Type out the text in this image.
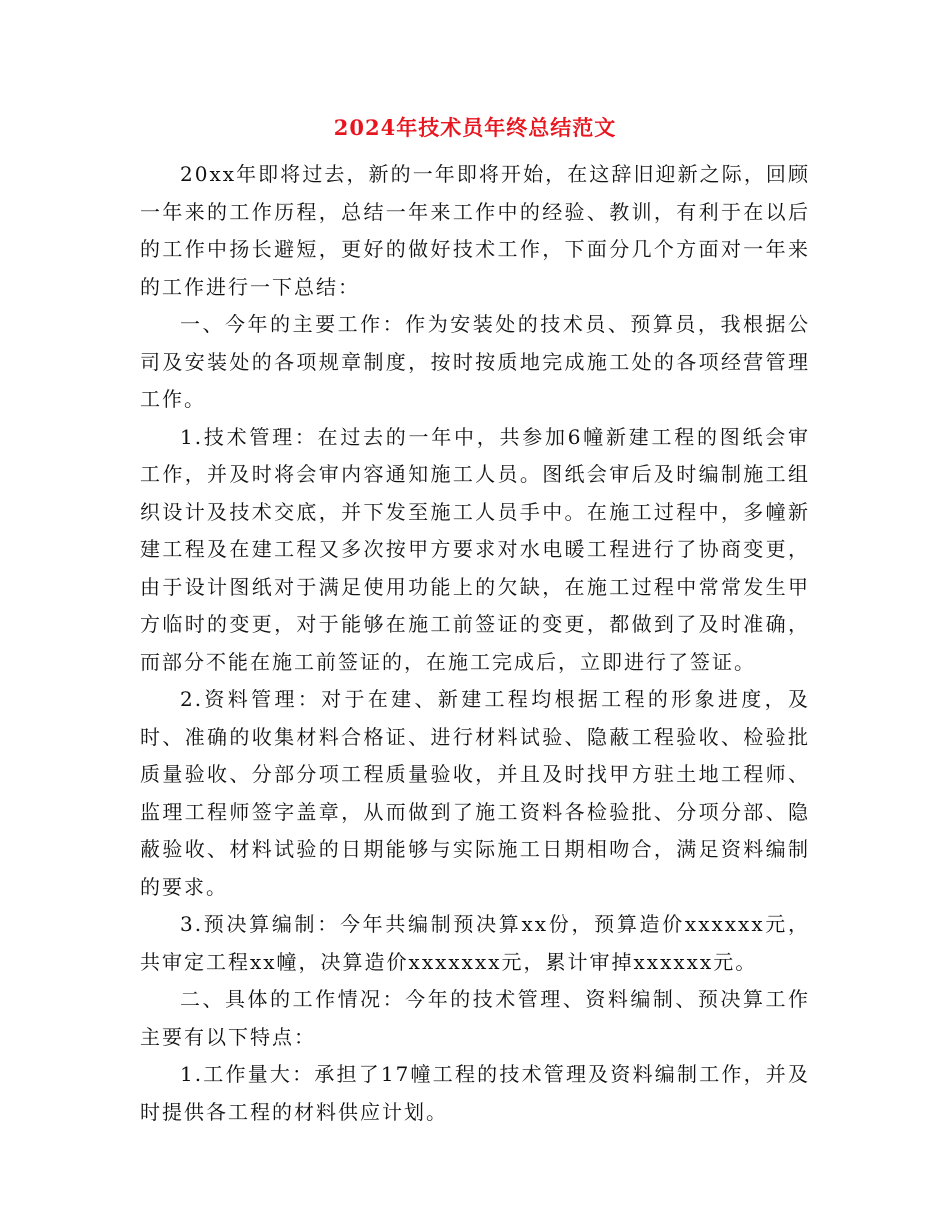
2024年技术员年终总结范文

20xx年即将过去，新的一年即将开始，在这辞旧迎新之际，回顾一年来的工作历程，总结一年来工作中的经验、教训，有利于在以后的工作中扬长避短，更好的做好技术工作，下面分几个方面对一年来的工作进行一下总结：

一、今年的主要工作：作为安装处的技术员、预算员，我根据公司及安装处的各项规章制度，按时按质地完成施工处的各项经营管理工作。

1.技术管理：在过去的一年中，共参加6幢新建工程的图纸会审工作，并及时将会审内容通知施工人员。图纸会审后及时编制施工组织设计及技术交底，并下发至施工人员手中。在施工过程中，多幢新建工程及在建工程又多次按甲方要求对水电暖工程进行了协商变更，由于设计图纸对于满足使用功能上的欠缺，在施工过程中常常发生甲方临时的变更，对于能够在施工前签证的变更，都做到了及时准确，而部分不能在施工前签证的，在施工完成后，立即进行了签证。

2.资料管理：对于在建、新建工程均根据工程的形象进度，及时、准确的收集材料合格证、进行材料试验、隐蔽工程验收、检验批质量验收、分部分项工程质量验收，并且及时找甲方驻土地工程师、监理工程师签字盖章，从而做到了施工资料各检验批、分项分部、隐蔽验收、材料试验的日期能够与实际施工日期相吻合，满足资料编制的要求。

3.预决算编制：今年共编制预决算xx份，预算造价xxxxxx元，共审定工程xx幢，决算造价xxxxxxx元，累计审掉xxxxxx元。

二、具体的工作情况：今年的技术管理、资料编制、预决算工作主要有以下特点：

1.工作量大：承担了17幢工程的技术管理及资料编制工作，并及时提供各工程的材料供应计划。
